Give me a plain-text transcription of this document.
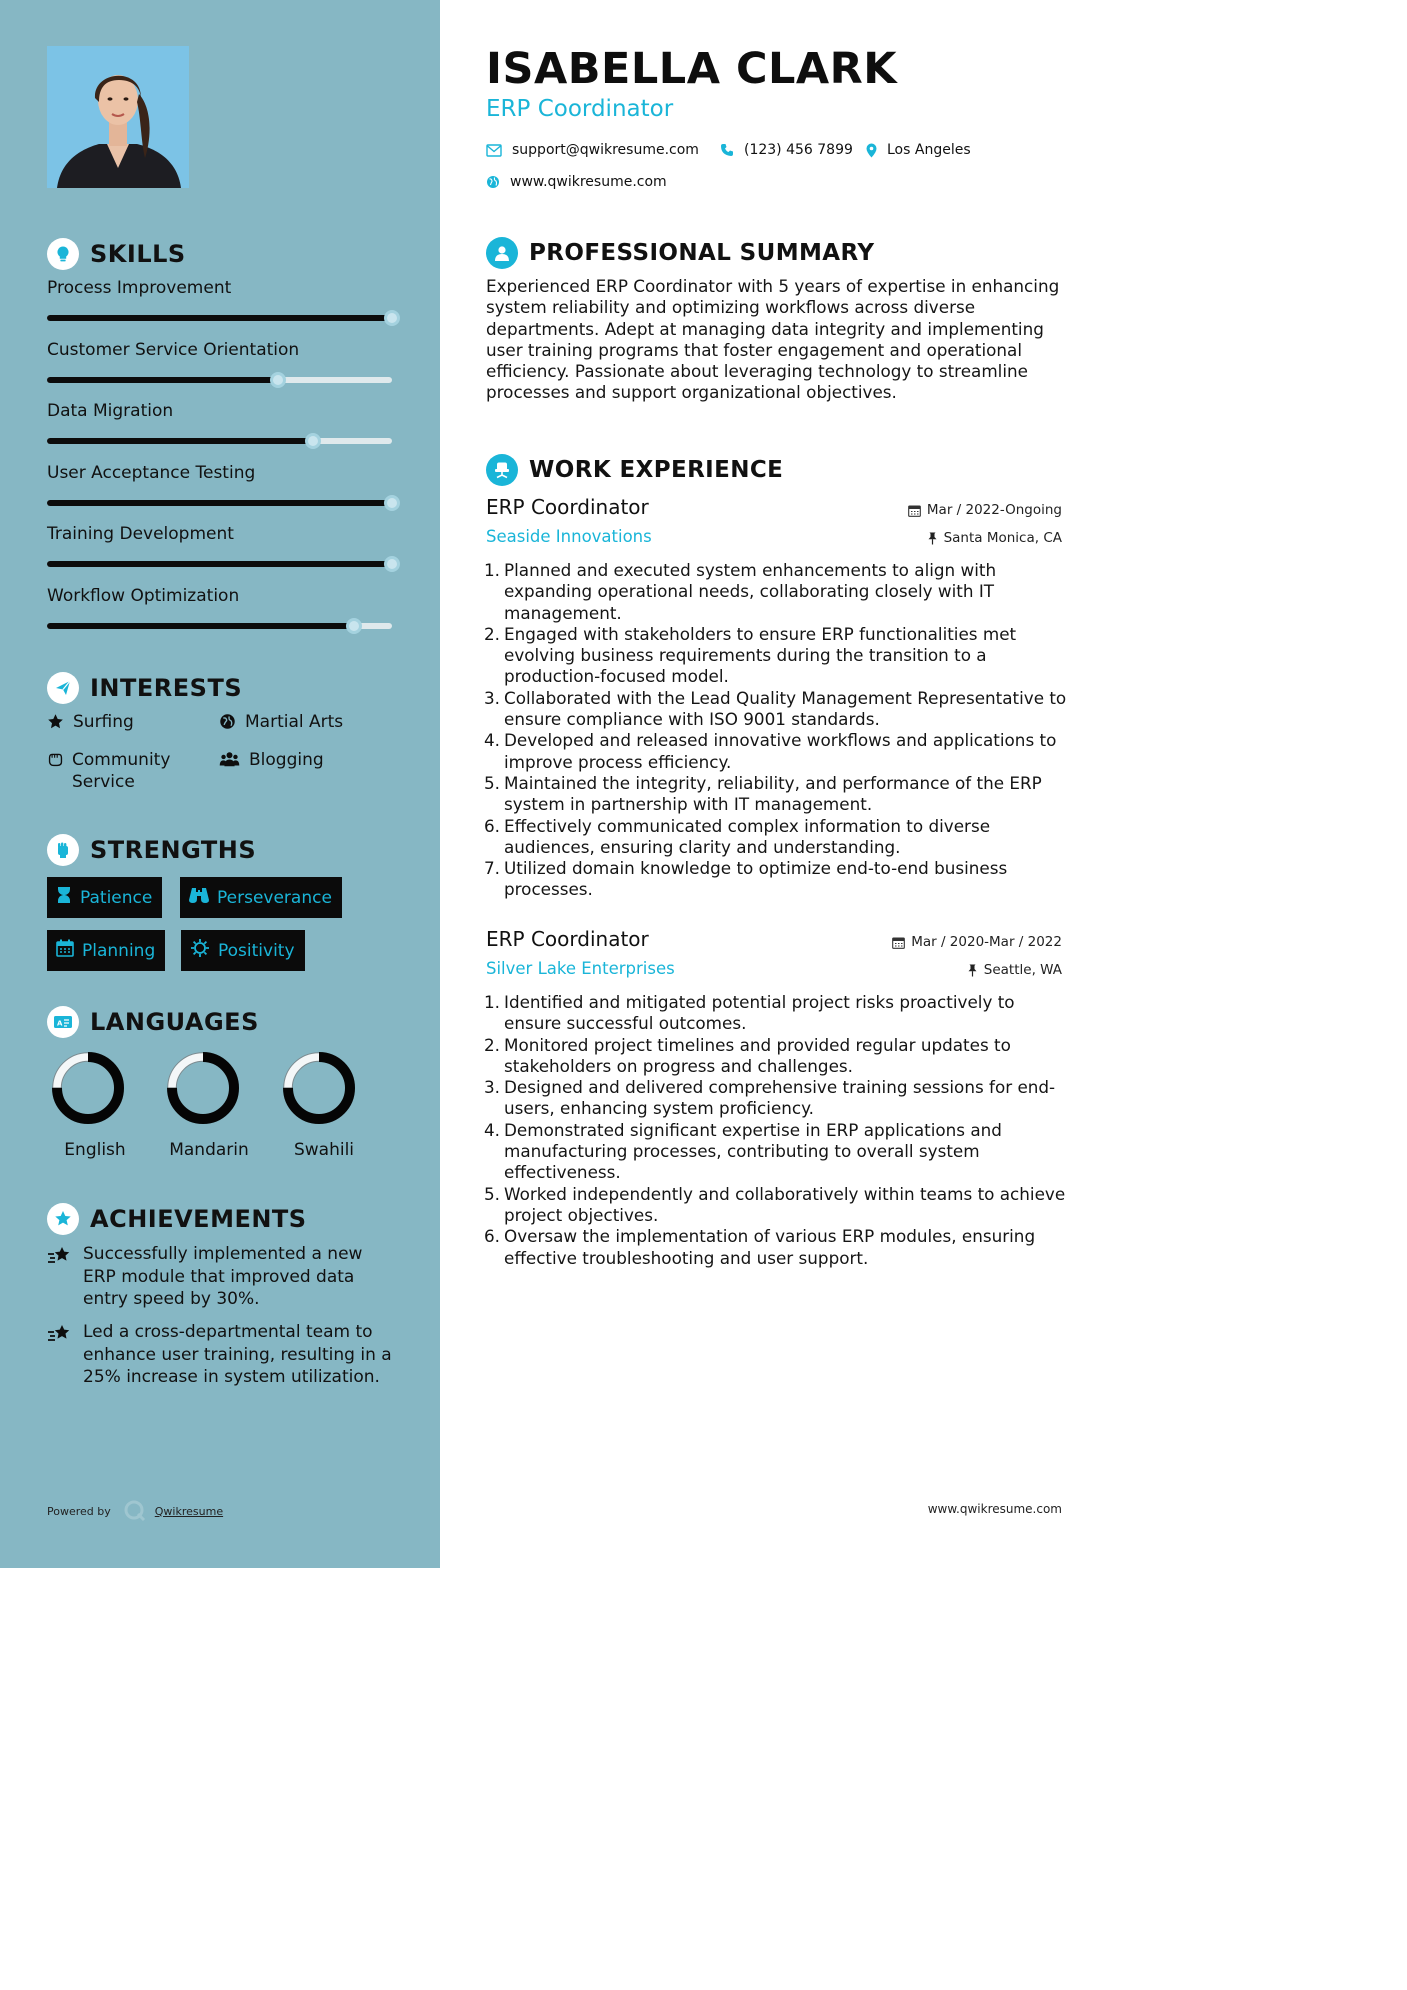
SKILLS
INTERESTS
Surfing	Martial Arts
Community Service
Blogging
STRENGTHS
Patience	Perseverance
Planning	Positivity
A LANGUAGES
ACHIEVEMENTS
Successfully implemented a new ERP module that improved data entry speed by 30%.
Led a cross-departmental team to enhance user training, resulting in a 25% increase in system utilization.
Powered by	Qwikresume
Process Improvement
Customer Service Orientation
Data Migration
User Acceptance Testing
Training Development
Workflow Optimization
English	Mandarin	Swahili
ISABELLA CLARK
ERP Coordinator
support@qwikresume.com	(123) 456 7899 Los Angeles
www.qwikresume.com
PROFESSIONAL SUMMARY
Experienced ERP Coordinator with 5 years of expertise in enhancing system reliability and optimizing workflows across diverse departments. Adept at managing data integrity and implementing user training programs that foster engagement and operational efficiency. Passionate about leveraging technology to streamline processes and support organizational objectives.
WORK EXPERIENCE
ERP Coordinator	Mar / 2022-Ongoing
Seaside Innovations	Santa Monica, CA
1. Planned and executed system enhancements to align with expanding operational needs, collaborating closely with IT management.
2. Engaged with stakeholders to ensure ERP functionalities met evolving business requirements during the transition to a production-focused model.
3. Collaborated with the Lead Quality Management Representative to ensure compliance with ISO 9001 standards.
4. Developed and released innovative workflows and applications to improve process efficiency.
5. Maintained the integrity, reliability, and performance of the ERP system in partnership with IT management.
6. Effectively communicated complex information to diverse audiences, ensuring clarity and understanding.
7. Utilized domain knowledge to optimize end-to-end business processes.
ERP Coordinator	Mar / 2020-Mar / 2022
Silver Lake Enterprises	Seattle, WA
1. Identified and mitigated potential project risks proactively to ensure successful outcomes.
2. Monitored project timelines and provided regular updates to stakeholders on progress and challenges.
3. Designed and delivered comprehensive training sessions for end-users, enhancing system proficiency.
4. Demonstrated significant expertise in ERP applications and manufacturing processes, contributing to overall system effectiveness.
5. Worked independently and collaboratively within teams to achieve project objectives.
6. Oversaw the implementation of various ERP modules, ensuring effective troubleshooting and user support.
www.qwikresume.com
